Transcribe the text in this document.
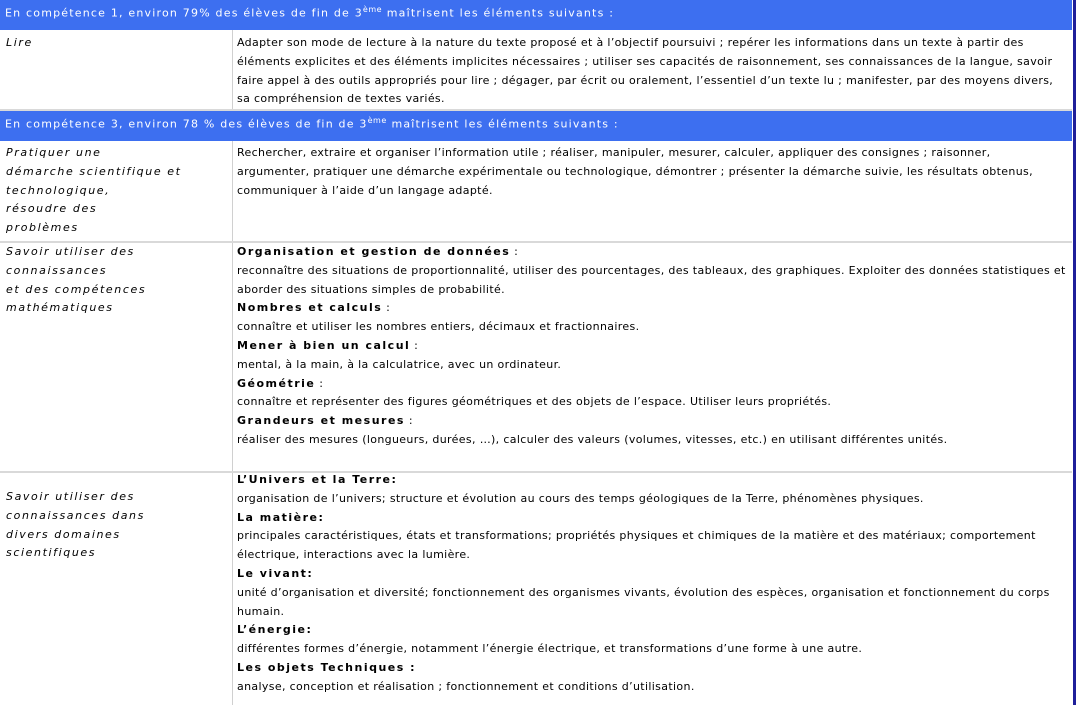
En compétence 1, environ 79% des élèves de fin de 3ème maîtrisent les éléments suivants :
Lire	Adapter son mode de lecture à la nature du texte proposé et à l’objectif poursuivi ; repérer les informations dans un texte à partir des éléments explicites et des éléments implicites nécessaires ; utiliser ses capacités de raisonnement, ses connaissances de la langue, savoir faire appel à des outils appropriés pour lire ; dégager, par écrit ou oralement, l’essentiel d’un texte lu ; manifester, par des moyens divers, sa compréhension de textes variés.
En compétence 3, environ 78 % des élèves de fin de 3ème maîtrisent les éléments suivants :
Pratiquer une
démarche scientifique et
technologique,
résoudre des
problèmes
Rechercher, extraire et organiser l’information utile ; réaliser, manipuler, mesurer, calculer, appliquer des consignes ; raisonner, argumenter, pratiquer une démarche expérimentale ou technologique, démontrer ; présenter la démarche suivie, les résultats obtenus, communiquer à l’aide d’un langage adapté.
Savoir utiliser des
connaissances
et des compétences
mathématiques

Organisation et gestion de données :

reconnaître des situations de proportionnalité, utiliser des pourcentages, des tableaux, des graphiques. Exploiter des données statistiques et aborder des situations simples de probabilité.

Nombres et calculs :

connaître et utiliser les nombres entiers, décimaux et fractionnaires.

Mener à bien un calcul :

mental, à la main, à la calculatrice, avec un ordinateur.

Géométrie :

connaître et représenter des figures géométriques et des objets de l’espace. Utiliser leurs propriétés.

Grandeurs et mesures :

réaliser des mesures (longueurs, durées, …), calculer des valeurs (volumes, vitesses, etc.) en utilisant différentes unités.

Savoir utiliser des
connaissances dans
divers domaines
scientifiques

L’Univers et la Terre:

organisation de l’univers; structure et évolution au cours des temps géologiques de la Terre, phénomènes physiques.

La matière:

principales caractéristiques, états et transformations; propriétés physiques et chimiques de la matière et des matériaux; comportement électrique, interactions avec la lumière.

Le vivant:

unité d’organisation et diversité; fonctionnement des organismes vivants, évolution des espèces, organisation et fonctionnement du corps humain.

L’énergie:

différentes formes d’énergie, notamment l’énergie électrique, et transformations d’une forme à une autre.

Les objets Techniques :

analyse, conception et réalisation ; fonctionnement et conditions d’utilisation.
